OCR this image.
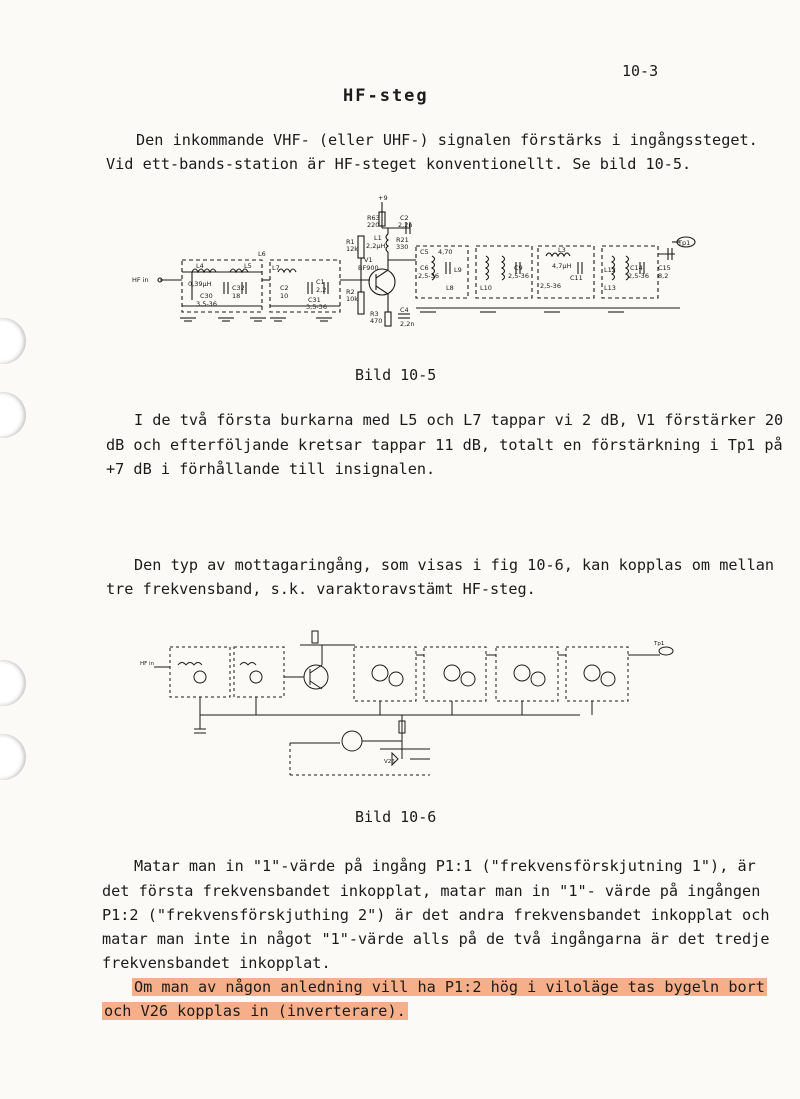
10-3
HF-steg
Den inkommande VHF- (eller UHF-) signalen förstärks i ingångssteget.
Vid ett-bands-station är HF-steget konventionellt. Se bild 10-5.
HF in
L4
0,39µH	C32
18
C30
3,5-36
L5
L6
L7
C2
10
C1
2,2
C31
3,5-36
R63
220
C2
2,2n
+9
R1
12k
L1
2,2µH
R21
330
V1
BF900
R2
10k
R3
470
C4
2,2n
C5 4,70
C6
2,5-36
L9
L8
C9
2,5-36
L10
L3
4,7µH
C11
2,5-36
L12
L13
C14
2,5-36
C15
8,2
Tp1
Bild 10-5
I de två första burkarna med L5 och L7 tappar vi 2 dB, V1 förstärker 20
dB och efterföljande kretsar tappar 11 dB, totalt en förstärkning i Tp1 på
+7 dB i förhållande till insignalen.
Den typ av mottagaringång, som visas i fig 10-6, kan kopplas om mellan
tre frekvensband, s.k. varaktoravstämt HF-steg.
HF in
Tp1
V26
Bild 10-6
Matar man in "1"-värde på ingång P1:1 ("frekvensförskjutning 1"), är
det första frekvensbandet inkopplat, matar man in "1"- värde på ingången
P1:2 ("frekvensförskjuthing 2") är det andra frekvensbandet inkopplat och
matar man inte in något "1"-värde alls på de två ingångarna är det tredje
frekvensbandet inkopplat.
Om man av någon anledning vill ha P1:2 hög i viloläge tas bygeln bort
och V26 kopplas in (inverterare).
